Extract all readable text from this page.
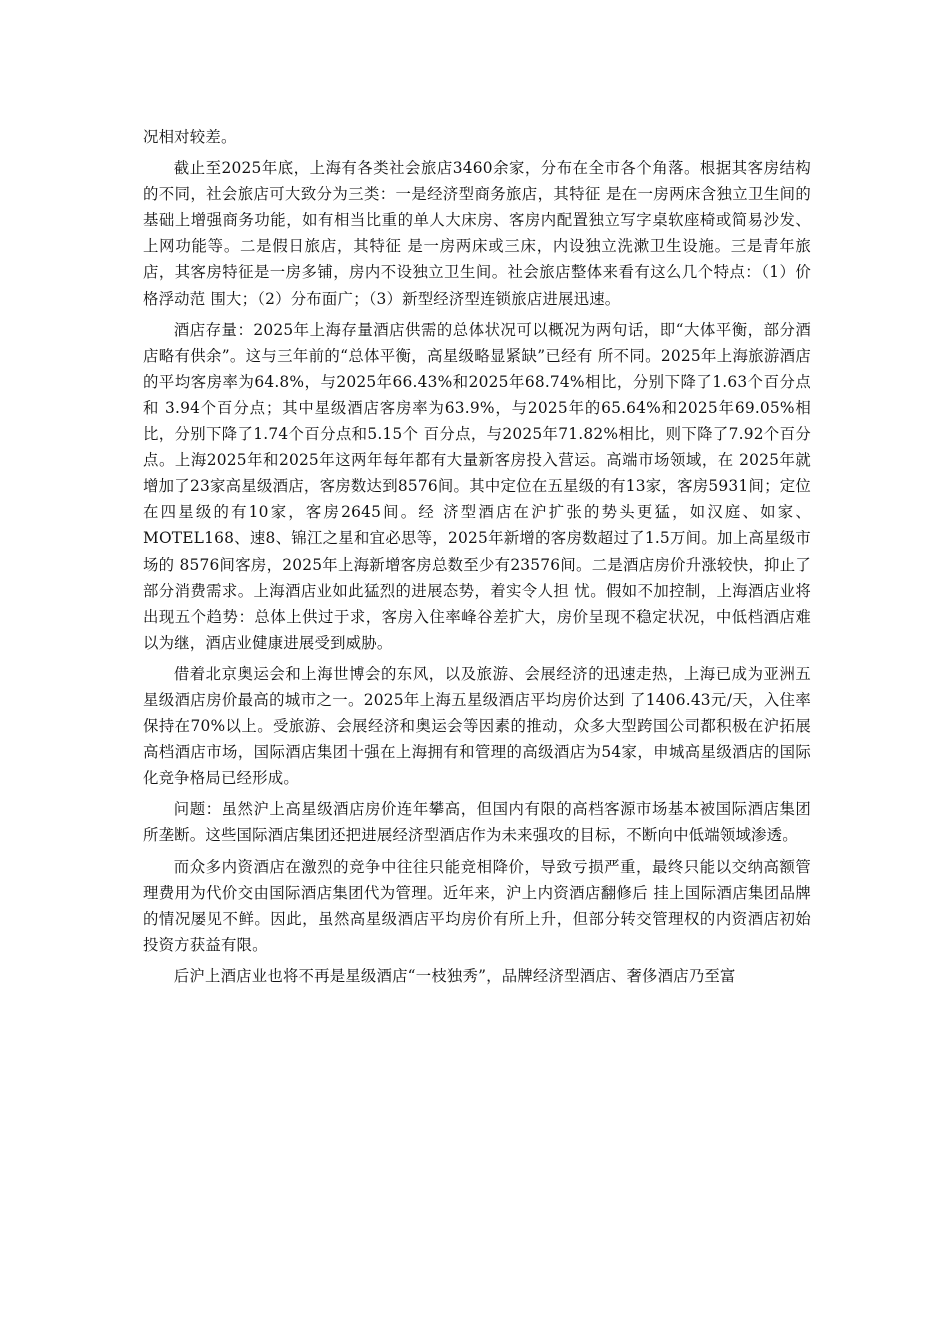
况相对较差。

截止至2025年底，上海有各类社会旅店3460余家，分布在全市各个角落。根据其客房结构的不同，社会旅店可大致分为三类：一是经济型商务旅店，其特征 是在一房两床含独立卫生间的基础上增强商务功能，如有相当比重的单人大床房、客房内配置独立写字桌软座椅或简易沙发、上网功能等。二是假日旅店，其特征 是一房两床或三床，内设独立洗漱卫生设施。三是青年旅店，其客房特征是一房多铺，房内不设独立卫生间。社会旅店整体来看有这么几个特点：（1）价格浮动范 围大；（2）分布面广；（3）新型经济型连锁旅店进展迅速。

酒店存量：2025年上海存量酒店供需的总体状况可以概况为两句话，即“大体平衡，部分酒店略有供余”。这与三年前的“总体平衡，高星级略显紧缺”已经有 所不同。2025年上海旅游酒店的平均客房率为64.8%，与2025年66.43%和2025年68.74%相比，分别下降了1.63个百分点和 3.94个百分点；其中星级酒店客房率为63.9%，与2025年的65.64%和2025年69.05%相比，分别下降了1.74个百分点和5.15个 百分点，与2025年71.82%相比，则下降了7.92个百分点。上海2025年和2025年这两年每年都有大量新客房投入营运。高端市场领域，在 2025年就增加了23家高星级酒店，客房数达到8576间。其中定位在五星级的有13家，客房5931间；定位在四星级的有10家，客房2645间。经 济型酒店在沪扩张的势头更猛，如汉庭、如家、MOTEL168、速8、锦江之星和宜必思等，2025年新增的客房数超过了1.5万间。加上高星级市场的 8576间客房，2025年上海新增客房总数至少有23576间。二是酒店房价升涨较快，抑止了部分消费需求。上海酒店业如此猛烈的进展态势，着实令人担 忧。假如不加控制，上海酒店业将出现五个趋势：总体上供过于求，客房入住率峰谷差扩大，房价呈现不稳定状况，中低档酒店难以为继，酒店业健康进展受到威胁。

借着北京奥运会和上海世博会的东风，以及旅游、会展经济的迅速走热，上海已成为亚洲五星级酒店房价最高的城市之一。2025年上海五星级酒店平均房价达到 了1406.43元/天，入住率保持在70%以上。受旅游、会展经济和奥运会等因素的推动，众多大型跨国公司都积极在沪拓展高档酒店市场，国际酒店集团十强在上海拥有和管理的高级酒店为54家，申城高星级酒店的国际化竞争格局已经形成。

问题：虽然沪上高星级酒店房价连年攀高，但国内有限的高档客源市场基本被国际酒店集团所垄断。这些国际酒店集团还把进展经济型酒店作为未来强攻的目标，不断向中低端领域渗透。

而众多内资酒店在激烈的竞争中往往只能竞相降价，导致亏损严重，最终只能以交纳高额管理费用为代价交由国际酒店集团代为管理。近年来，沪上内资酒店翻修后 挂上国际酒店集团品牌的情况屡见不鲜。因此，虽然高星级酒店平均房价有所上升，但部分转交管理权的内资酒店初始投资方获益有限。

后沪上酒店业也将不再是星级酒店“一枝独秀”，品牌经济型酒店、奢侈酒店乃至富
